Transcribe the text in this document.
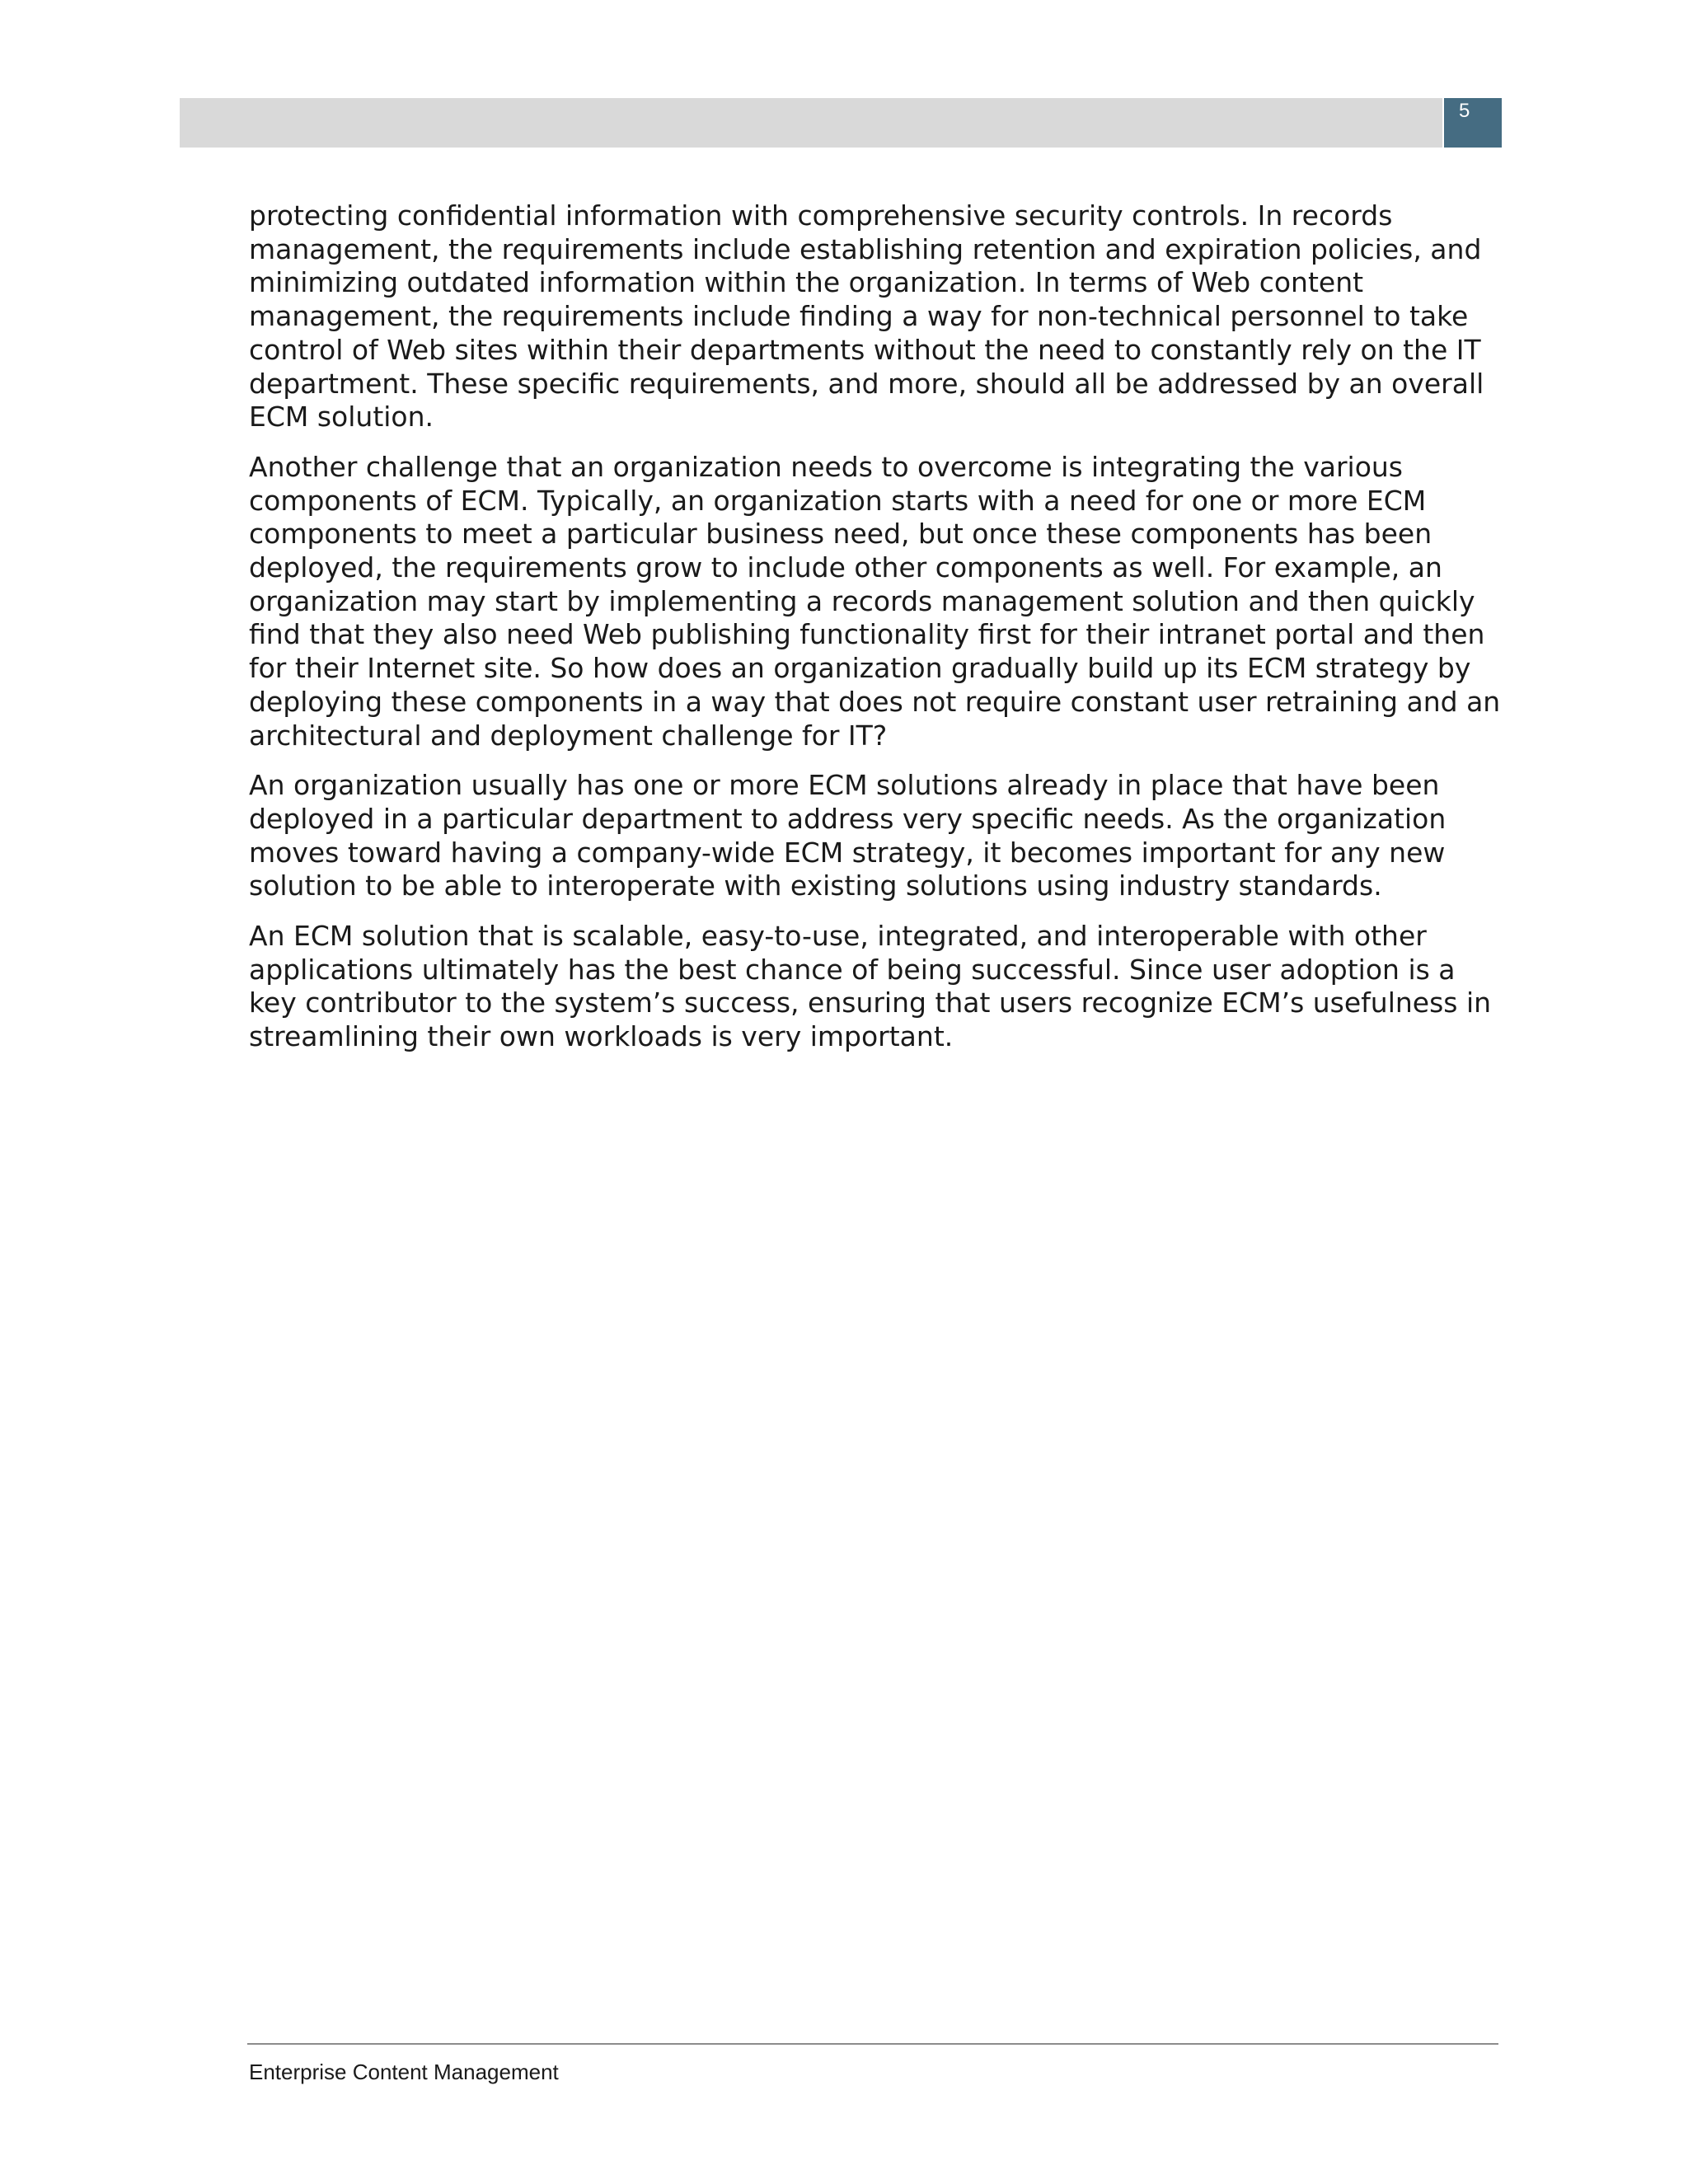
5

protecting confidential information with comprehensive security controls. In records management, the requirements include establishing retention and expiration policies, and minimizing outdated information within the organization. In terms of Web content management, the requirements include finding a way for non-technical personnel to take control of Web sites within their departments without the need to constantly rely on the IT department. These specific requirements, and more, should all be addressed by an overall ECM solution.

Another challenge that an organization needs to overcome is integrating the various components of ECM. Typically, an organization starts with a need for one or more ECM components to meet a particular business need, but once these components has been deployed, the requirements grow to include other components as well. For example, an organization may start by implementing a records management solution and then quickly find that they also need Web publishing functionality first for their intranet portal and then for their Internet site. So how does an organization gradually build up its ECM strategy by deploying these components in a way that does not require constant user retraining and an architectural and deployment challenge for IT?

An organization usually has one or more ECM solutions already in place that have been deployed in a particular department to address very specific needs. As the organization moves toward having a company-wide ECM strategy, it becomes important for any new solution to be able to interoperate with existing solutions using industry standards.

An ECM solution that is scalable, easy-to-use, integrated, and interoperable with other applications ultimately has the best chance of being successful. Since user adoption is a key contributor to the system’s success, ensuring that users recognize ECM’s usefulness in streamlining their own workloads is very important.

Enterprise Content Management
